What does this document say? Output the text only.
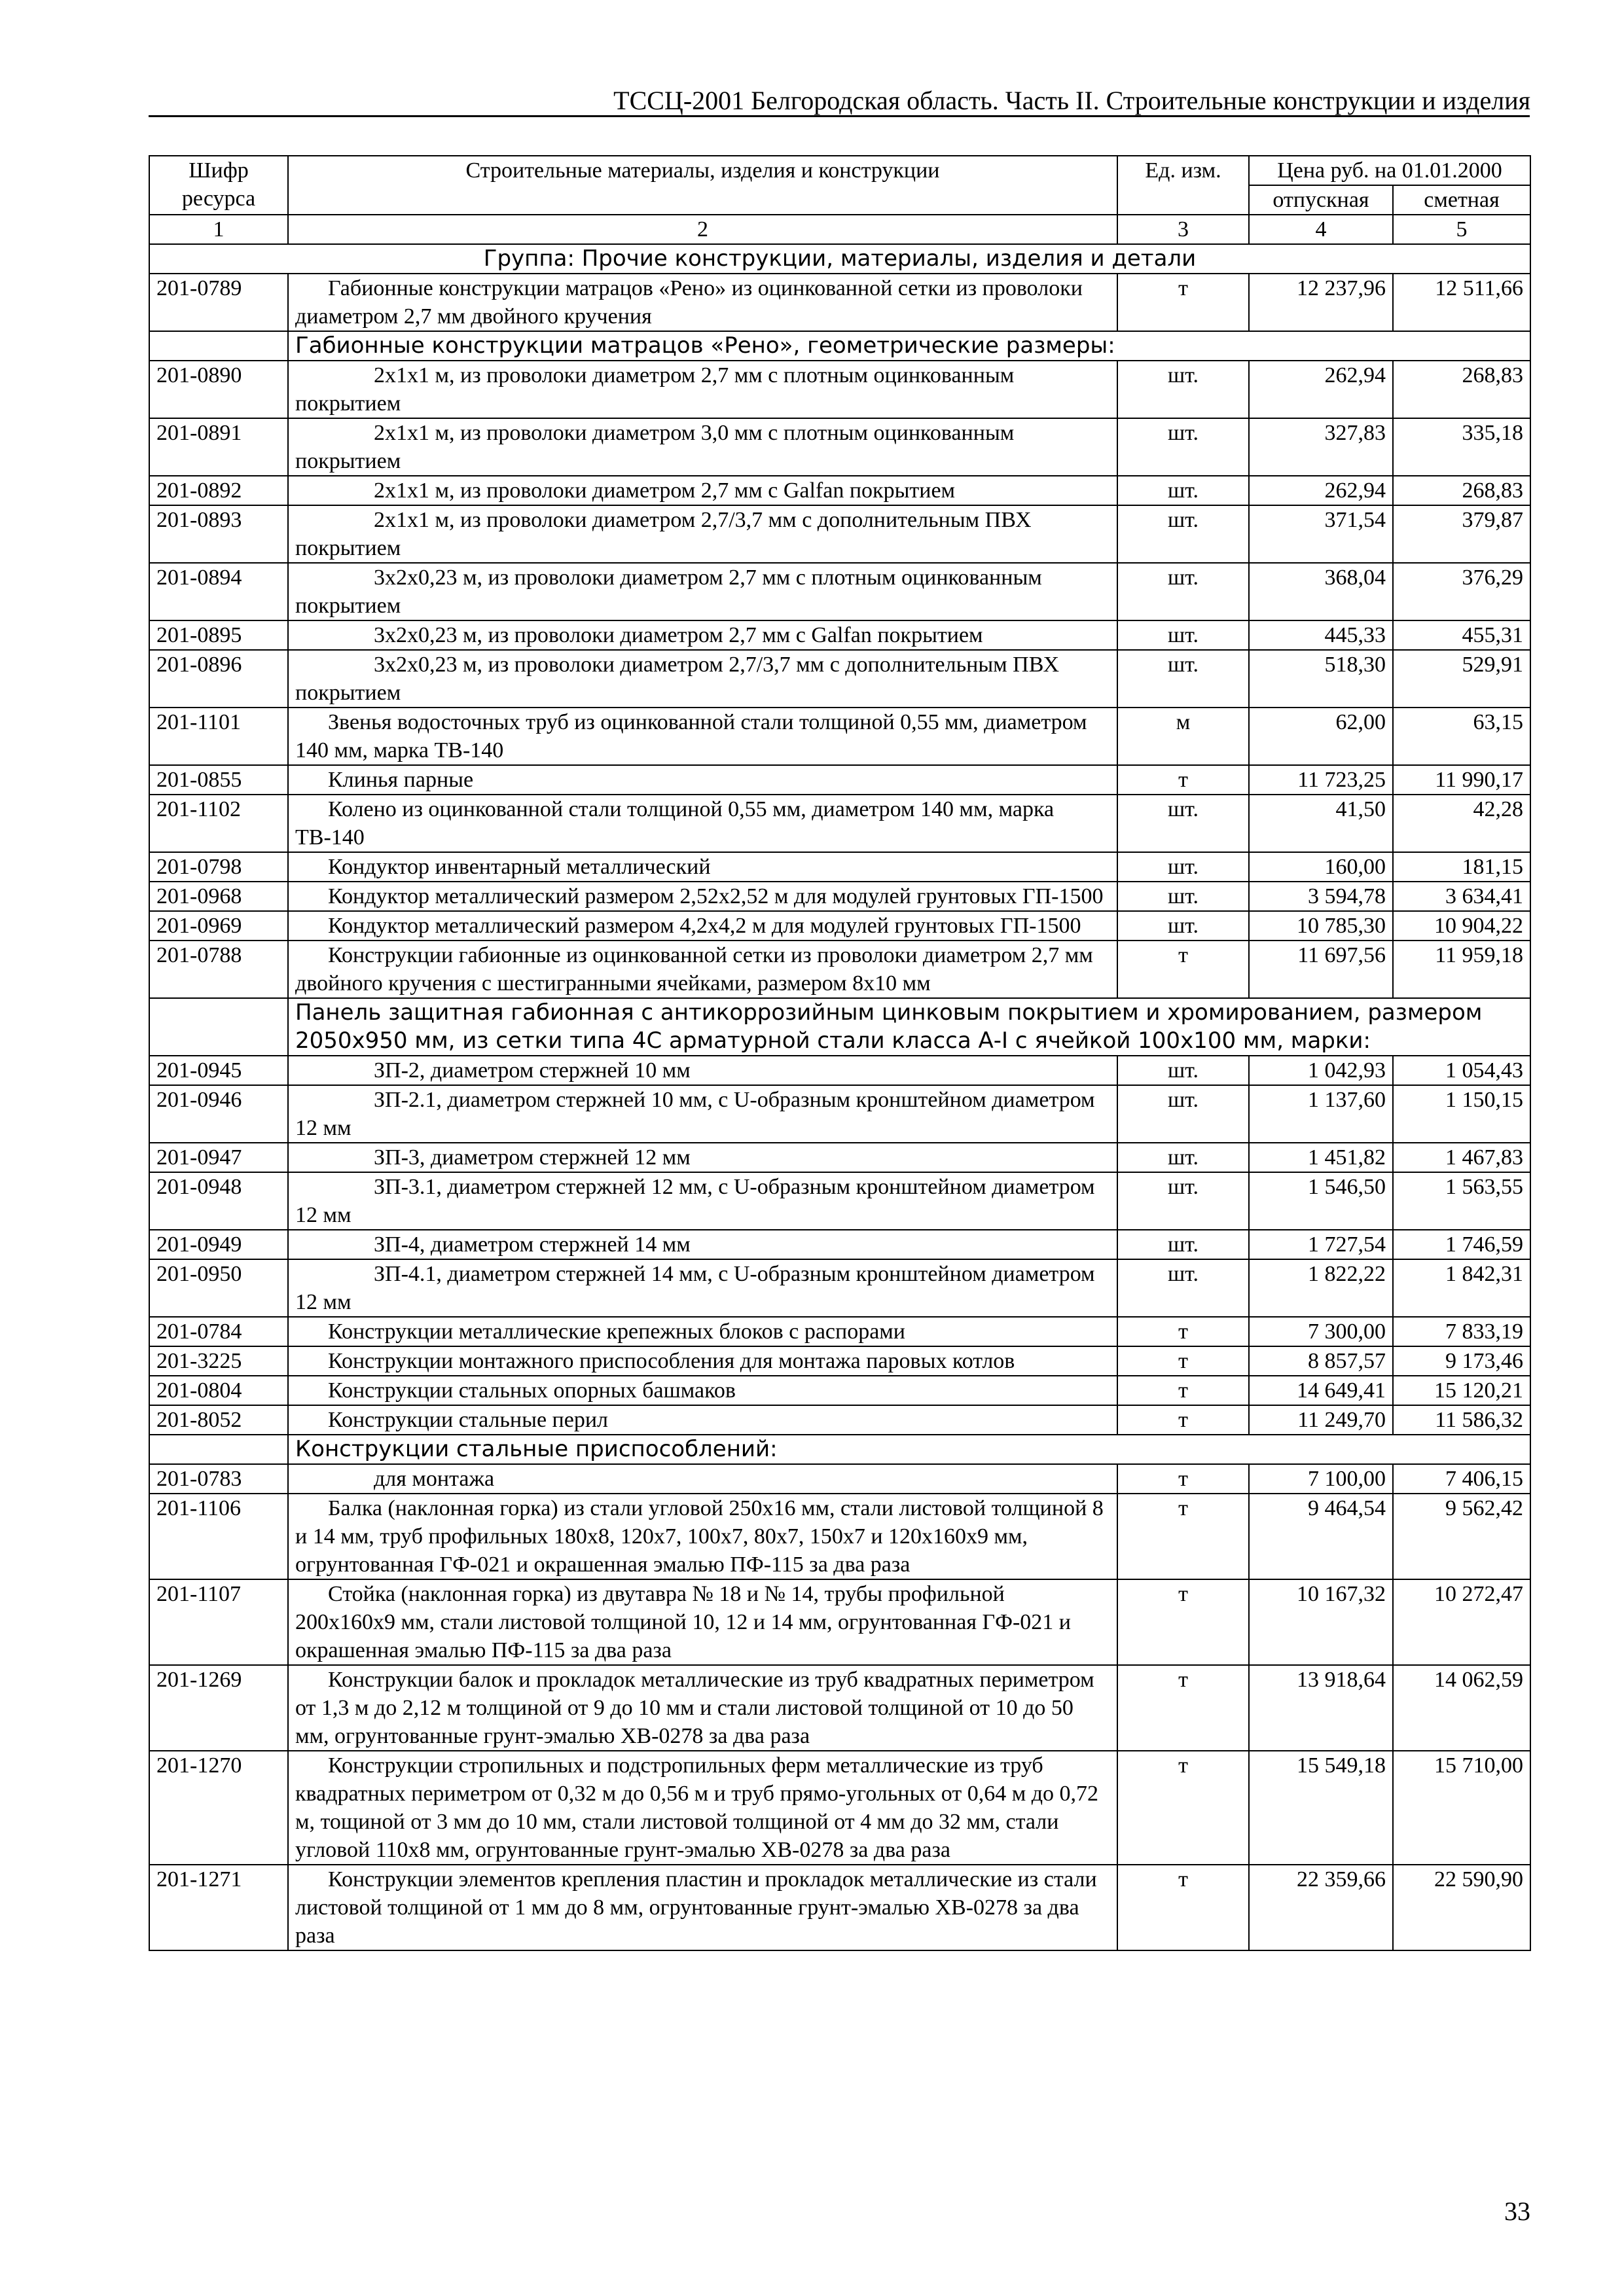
ТССЦ-2001 Белгородская область. Часть II. Строительные конструкции и изделия
Шифр ресурса	Строительные материалы, изделия и конструкции	Ед. изм.	Цена руб. на 01.01.2000	
			отпускная	сметная
1	2	3	4	5
Группа: Прочие конструкции, материалы, изделия и детали				
201-0789	Габионные конструкции матрацов «Рено» из оцинкованной сетки из проволоки диаметром 2,7 мм двойного кручения	т	12 237,96	12 511,66
	Габионные конструкции матрацов «Рено», геометрические размеры:			
201-0890	2х1х1 м, из проволоки диаметром 2,7 мм с плотным оцинкованным покрытием	шт.	262,94	268,83
201-0891	2х1х1 м, из проволоки диаметром 3,0 мм с плотным оцинкованным покрытием	шт.	327,83	335,18
201-0892	2х1х1 м, из проволоки диаметром 2,7 мм с Galfan покрытием	шт.	262,94	268,83
201-0893	2х1х1 м, из проволоки диаметром 2,7/3,7 мм с дополнительным ПВХ покрытием	шт.	371,54	379,87
201-0894	3х2х0,23 м, из проволоки диаметром 2,7 мм с плотным оцинкованным покрытием	шт.	368,04	376,29
201-0895	3х2х0,23 м, из проволоки диаметром 2,7 мм с Galfan покрытием	шт.	445,33	455,31
201-0896	3х2х0,23 м, из проволоки диаметром 2,7/3,7 мм с дополнительным ПВХ покрытием	шт.	518,30	529,91
201-1101	Звенья водосточных труб из оцинкованной стали толщиной 0,55 мм, диаметром 140 мм, марка ТВ-140	м	62,00	63,15
201-0855	Клинья парные	т	11 723,25	11 990,17
201-1102	Колено из оцинкованной стали толщиной 0,55 мм, диаметром 140 мм, марка ТВ-140	шт.	41,50	42,28
201-0798	Кондуктор инвентарный металлический	шт.	160,00	181,15
201-0968	Кондуктор металлический размером 2,52х2,52 м для модулей грунтовых ГП-1500	шт.	3 594,78	3 634,41
201-0969	Кондуктор металлический размером 4,2х4,2 м для модулей грунтовых ГП-1500	шт.	10 785,30	10 904,22
201-0788	Конструкции габионные из оцинкованной сетки из проволоки диаметром 2,7 мм двойного кручения с шестигранными ячейками, размером 8х10 мм	т	11 697,56	11 959,18
	Панель защитная габионная с антикоррозийным цинковым покрытием и хромированием, размером 2050х950 мм, из сетки типа 4С арматурной стали класса А-I с ячейкой 100х100 мм, марки:			
201-0945	ЗП-2, диаметром стержней 10 мм	шт.	1 042,93	1 054,43
201-0946	ЗП-2.1, диаметром стержней 10 мм, с U-образным кронштейном диаметром 12 мм	шт.	1 137,60	1 150,15
201-0947	ЗП-3, диаметром стержней 12 мм	шт.	1 451,82	1 467,83
201-0948	ЗП-3.1, диаметром стержней 12 мм, с U-образным кронштейном диаметром 12 мм	шт.	1 546,50	1 563,55
201-0949	ЗП-4, диаметром стержней 14 мм	шт.	1 727,54	1 746,59
201-0950	ЗП-4.1, диаметром стержней 14 мм, с U-образным кронштейном диаметром 12 мм	шт.	1 822,22	1 842,31
201-0784	Конструкции металлические крепежных блоков с распорами	т	7 300,00	7 833,19
201-3225	Конструкции монтажного приспособления для монтажа паровых котлов	т	8 857,57	9 173,46
201-0804	Конструкции стальных опорных башмаков	т	14 649,41	15 120,21
201-8052	Конструкции стальные перил	т	11 249,70	11 586,32
	Конструкции стальные приспособлений:			
201-0783	для монтажа	т	7 100,00	7 406,15
201-1106	Балка (наклонная горка) из стали угловой 250х16 мм, стали листовой толщиной 8 и 14 мм, труб профильных 180х8, 120х7, 100х7, 80х7, 150х7 и 120х160х9 мм, огрунтованная ГФ-021 и окрашенная эмалью ПФ-115 за два раза	т	9 464,54	9 562,42
201-1107	Стойка (наклонная горка) из двутавра № 18 и № 14, трубы профильной 200х160х9 мм, стали листовой толщиной 10, 12 и 14 мм, огрунтованная ГФ-021 и окрашенная эмалью ПФ-115 за два раза	т	10 167,32	10 272,47
201-1269	Конструкции балок и прокладок металлические из труб квадратных периметром от 1,3 м до 2,12 м толщиной от 9 до 10 мм и стали листовой толщиной от 10 до 50 мм, огрунтованные грунт-эмалью ХВ-0278 за два раза	т	13 918,64	14 062,59
201-1270	Конструкции стропильных и подстропильных ферм металлические из труб квадратных периметром от 0,32 м до 0,56 м и труб прямо-угольных от 0,64 м до 0,72 м, тощиной от 3 мм до 10 мм, стали листовой толщиной от 4 мм до 32 мм, стали угловой 110х8 мм, огрунтованные грунт-эмалью ХВ-0278 за два раза	т	15 549,18	15 710,00
201-1271	Конструкции элементов крепления пластин и прокладок металлические из стали листовой толщиной от 1 мм до 8 мм, огрунтованные грунт-эмалью ХВ-0278 за два раза	т	22 359,66	22 590,90
33
